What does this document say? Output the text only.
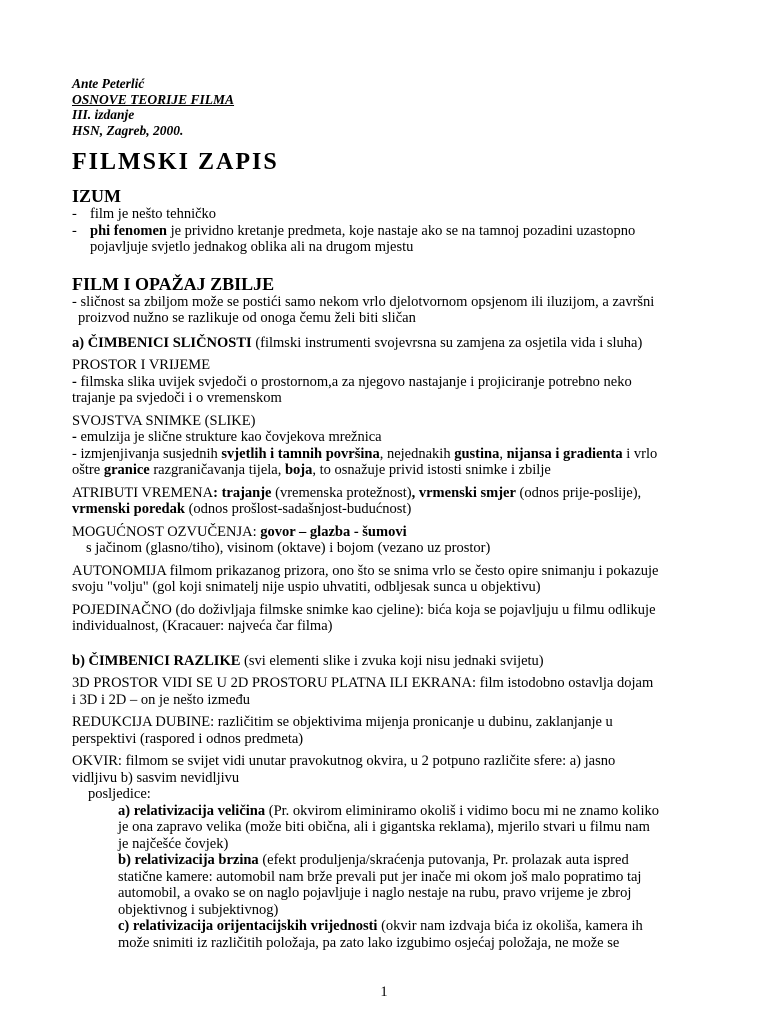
Ante Peterlić
OSNOVE TEORIJE FILMA
III. izdanje
HSN, Zagreb, 2000.
FILMSKI ZAPIS
IZUM
- film je nešto tehničko
- phi fenomen je prividno kretanje predmeta, koje nastaje ako se na tamnoj pozadini uzastopno
pojavljuje svjetlo jednakog oblika ali na drugom mjestu
FILM I OPAŽAJ ZBILJE
- sličnost sa zbiljom može se postići samo nekom vrlo djelotvornom opsjenom ili iluzijom, a završni
proizvod nužno se razlikuje od onoga čemu želi biti sličan
a) ČIMBENICI SLIČNOSTI (filmski instrumenti svojevrsna su zamjena za osjetila vida i sluha)
PROSTOR I VRIJEME
- filmska slika uvijek svjedoči o prostornom,a za njegovo nastajanje i projiciranje potrebno neko
trajanje pa svjedoči i o vremenskom
SVOJSTVA SNIMKE (SLIKE)
- emulzija je slične strukture kao čovjekova mrežnica
- izmjenjivanja susjednih svjetlih i tamnih površina, nejednakih gustina, nijansa i gradienta i vrlo
oštre granice razgraničavanja tijela, boja, to osnažuje privid istosti snimke i zbilje
ATRIBUTI VREMENA: trajanje (vremenska protežnost), vrmenski smjer (odnos prije-poslije),
vrmenski poredak (odnos prošlost-sadašnjost-budućnost)
MOGUĆNOST OZVUČENJA: govor – glazba - šumovi
s jačinom (glasno/tiho), visinom (oktave) i bojom (vezano uz prostor)
AUTONOMIJA filmom prikazanog prizora, ono što se snima vrlo se često opire snimanju i pokazuje
svoju "volju" (gol koji snimatelj nije uspio uhvatiti, odbljesak sunca u objektivu)
POJEDINAČNO (do doživljaja filmske snimke kao cjeline): bića koja se pojavljuju u filmu odlikuje
individualnost, (Kracauer: najveća čar filma)
b) ČIMBENICI RAZLIKE (svi elementi slike i zvuka koji nisu jednaki svijetu)
3D PROSTOR VIDI SE U 2D PROSTORU PLATNA ILI EKRANA: film istodobno ostavlja dojam
i 3D i 2D – on je nešto između
REDUKCIJA DUBINE: različitim se objektivima mijenja pronicanje u dubinu, zaklanjanje u
perspektivi (raspored i odnos predmeta)
OKVIR: filmom se svijet vidi unutar pravokutnog okvira, u 2 potpuno različite sfere: a) jasno
vidljivu b) sasvim nevidljivu
posljedice:
a) relativizacija veličina (Pr. okvirom eliminiramo okoliš i vidimo bocu mi ne znamo koliko
je ona zapravo velika (može biti obična, ali i gigantska reklama), mjerilo stvari u filmu nam
je najčešće čovjek)
b) relativizacija brzina (efekt produljenja/skraćenja putovanja, Pr. prolazak auta ispred
statične kamere: automobil nam brže prevali put jer inače mi okom još malo popratimo taj
automobil, a ovako se on naglo pojavljuje i naglo nestaje na rubu, pravo vrijeme je zbroj
objektivnog i subjektivnog)
c) relativizacija orijentacijskih vrijednosti (okvir nam izdvaja bića iz okoliša, kamera ih
može snimiti iz različitih položaja, pa zato lako izgubimo osjećaj položaja, ne može se
1
